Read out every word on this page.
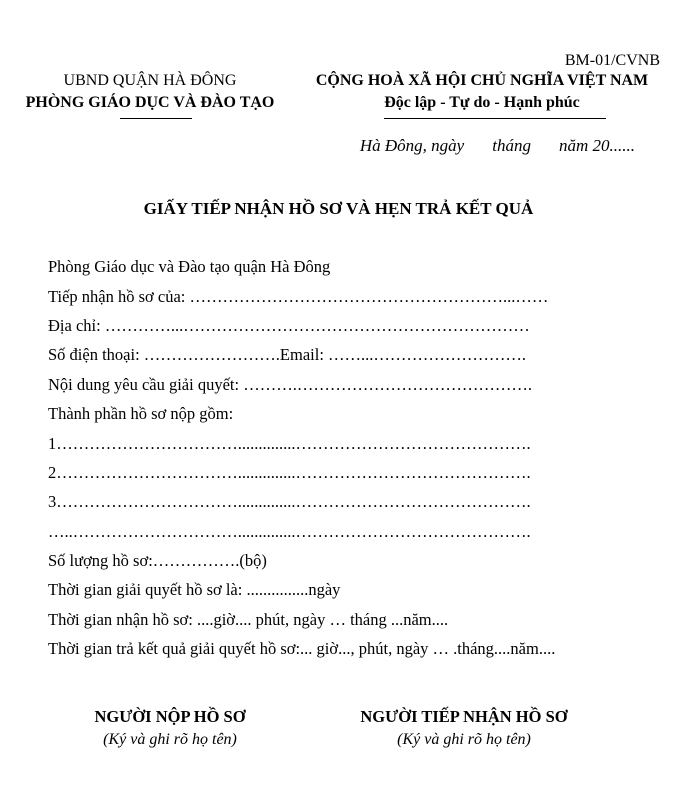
BM-01/CVNB
UBND QUẬN HÀ ĐÔNG
PHÒNG GIÁO DỤC VÀ ĐÀO TẠO
CỘNG HOÀ XÃ HỘI CHỦ NGHĨA VIỆT NAM
Độc lập - Tự do - Hạnh phúc
Hà Đông, ngày tháng năm 20......
GIẤY TIẾP NHẬN HỒ SƠ VÀ HẸN TRẢ KẾT QUẢ
Phòng Giáo dục và Đào tạo quận Hà Đông
Tiếp nhận hồ sơ của: …………………………………………………...……
Địa chỉ: …………...………………………………………………………
Số điện thoại: …………………….Email: ……...……………………….
Nội dung yêu cầu giải quyết: ……….…………………………………….
Thành phần hồ sơ nộp gồm:
1……………………………..............…………………………………….
2……………………………..............…………………………………….
3……………………………..............…………………………………….
…..…………………………..............…………………………………….
Số lượng hồ sơ:…………….(bộ)
Thời gian giải quyết hồ sơ là: ...............ngày
Thời gian nhận hồ sơ: ....giờ.... phút, ngày … tháng ...năm....
Thời gian trả kết quả giải quyết hồ sơ:... giờ..., phút, ngày … .tháng....năm....
NGƯỜI NỘP HỒ SƠ
(Ký và ghi rõ họ tên)
NGƯỜI TIẾP NHẬN HỒ SƠ
(Ký và ghi rõ họ tên)
